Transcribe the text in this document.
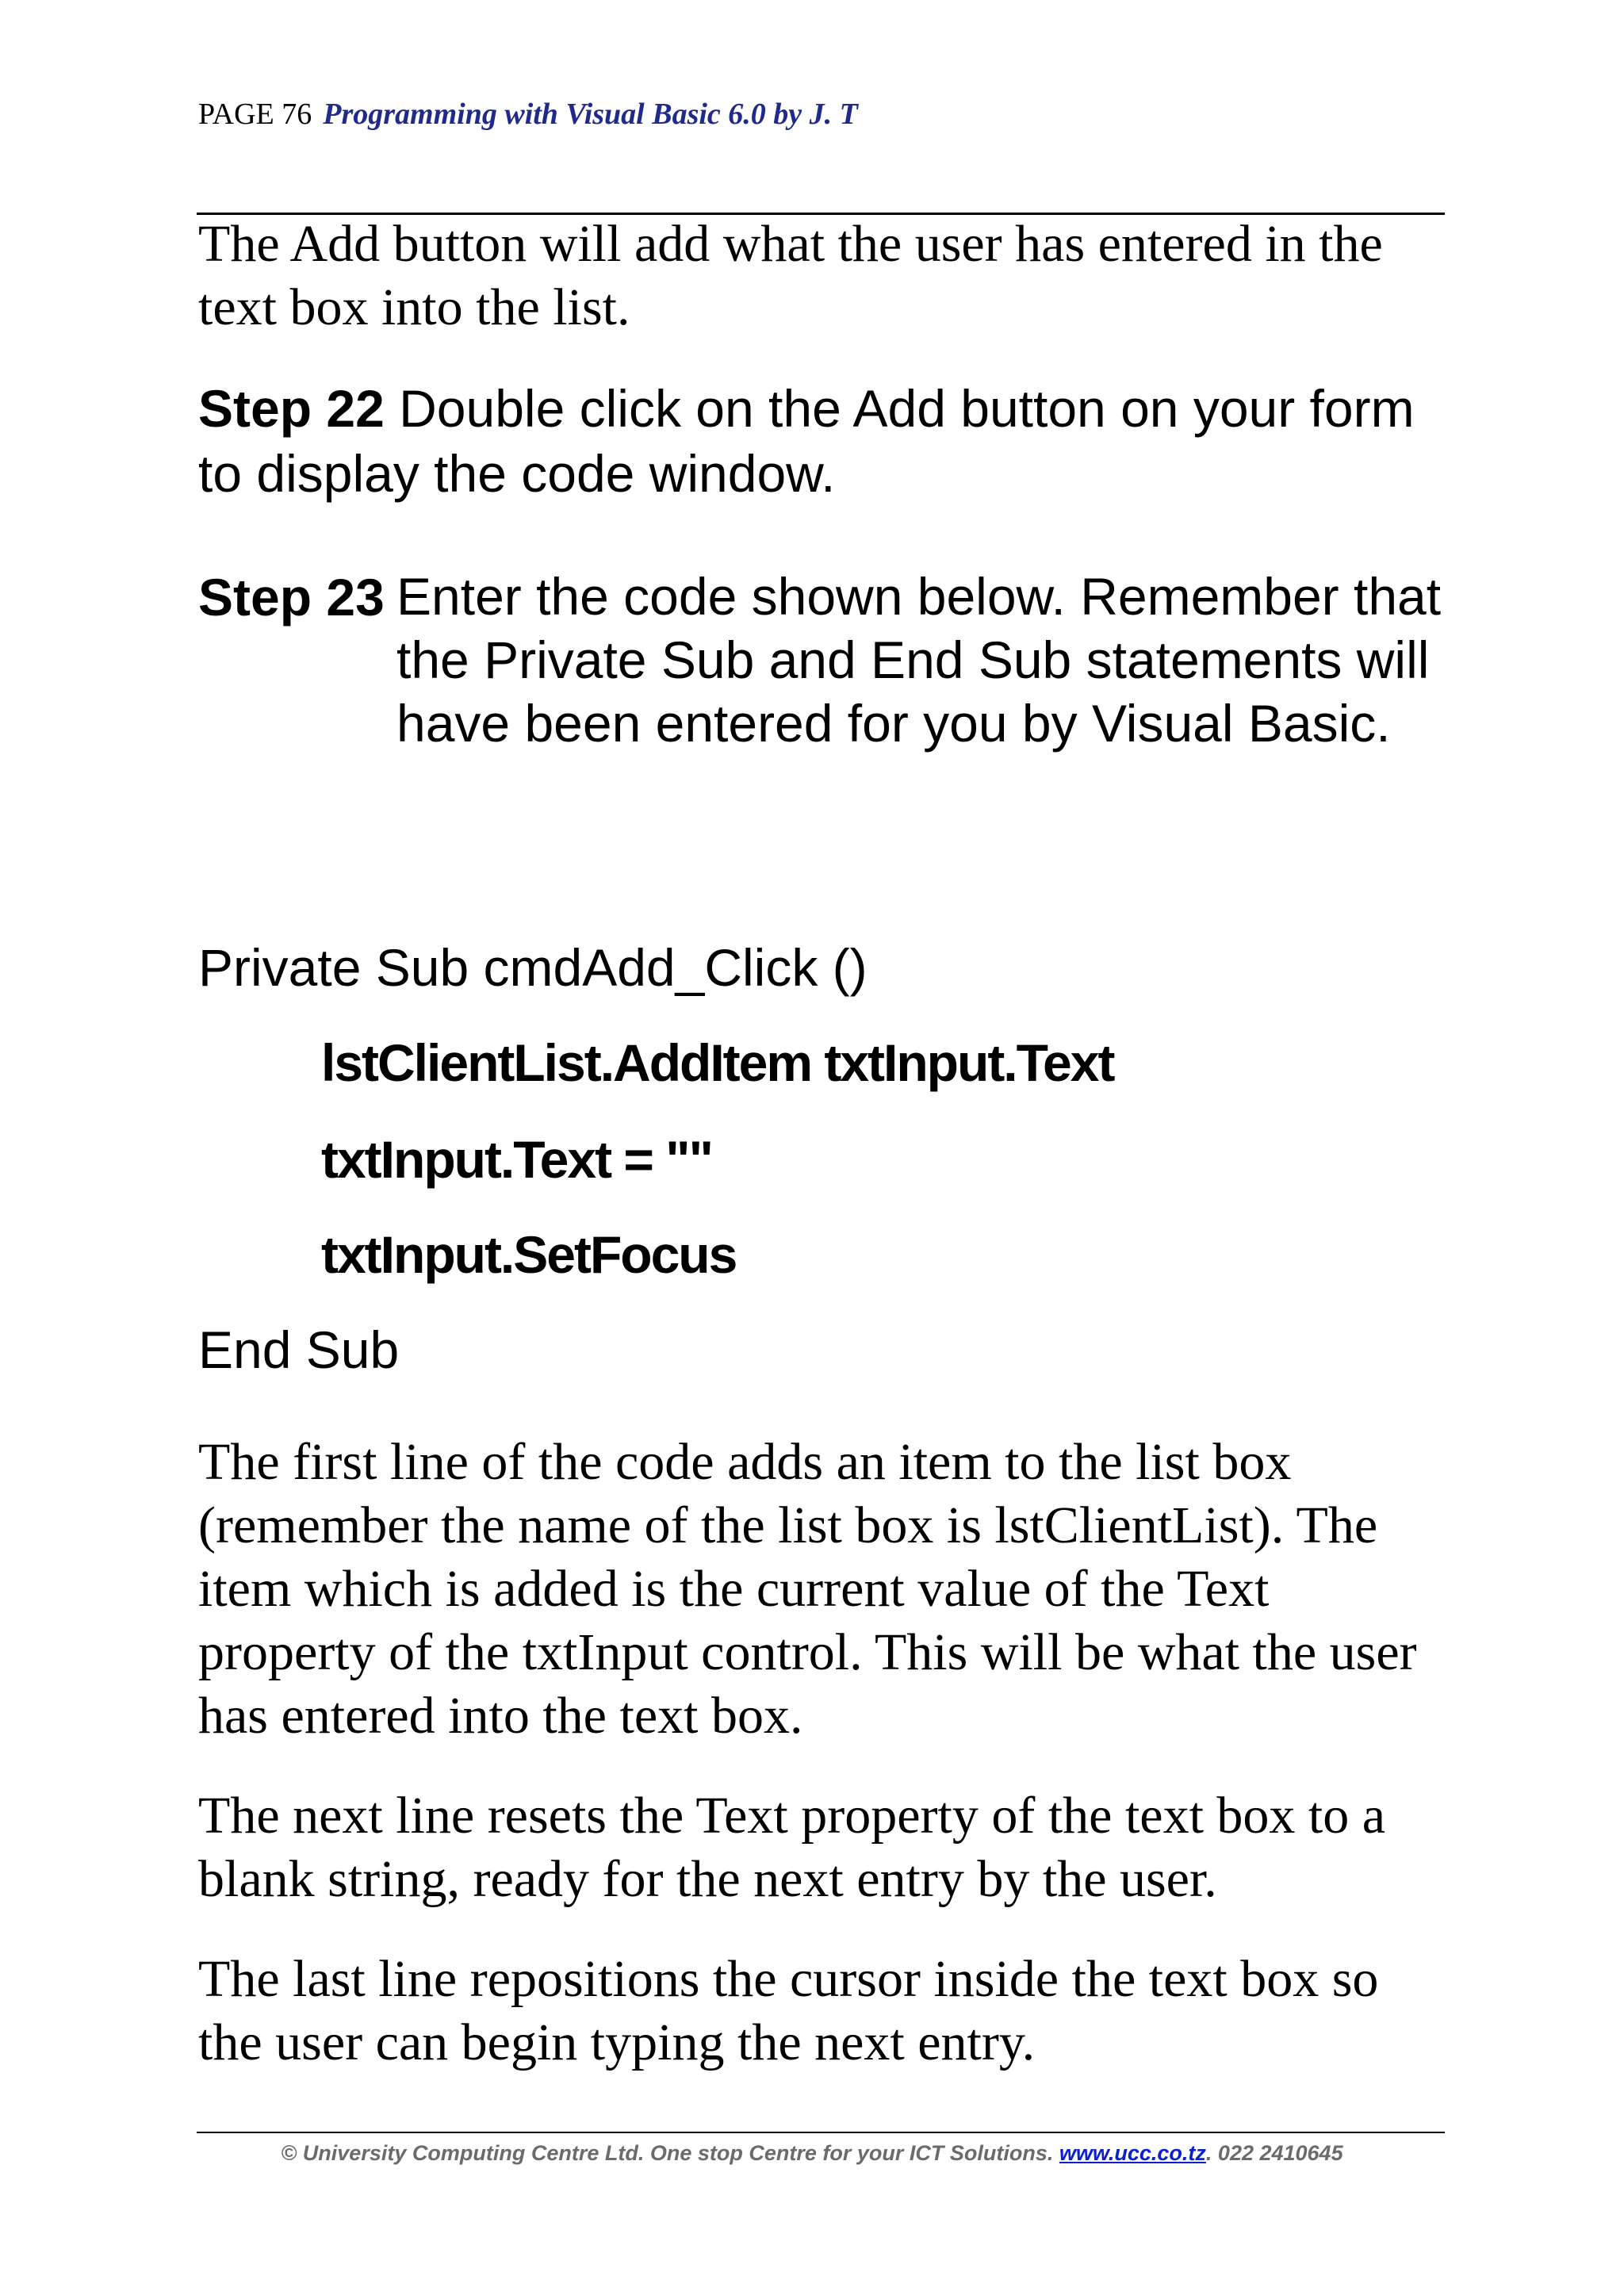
PAGE 76 Programming with Visual Basic 6.0 by J. T
The Add button will add what the user has entered in the text box into the list.
Step 22 Double click on the Add button on your form to display the code window.
Step 23 Enter the code shown below. Remember that the Private Sub and End Sub statements will have been entered for you by Visual Basic.
Private Sub cmdAdd_Click ()
lstClientList.AddItem txtInput.Text
txtInput.Text = ""
txtInput.SetFocus
End Sub
The first line of the code adds an item to the list box (remember the name of the list box is lstClientList). The item which is added is the current value of the Text property of the txtInput control. This will be what the user has entered into the text box.
The next line resets the Text property of the text box to a blank string, ready for the next entry by the user.
The last line repositions the cursor inside the text box so the user can begin typing the next entry.
© University Computing Centre Ltd. One stop Centre for your ICT Solutions. www.ucc.co.tz. 022 2410645
